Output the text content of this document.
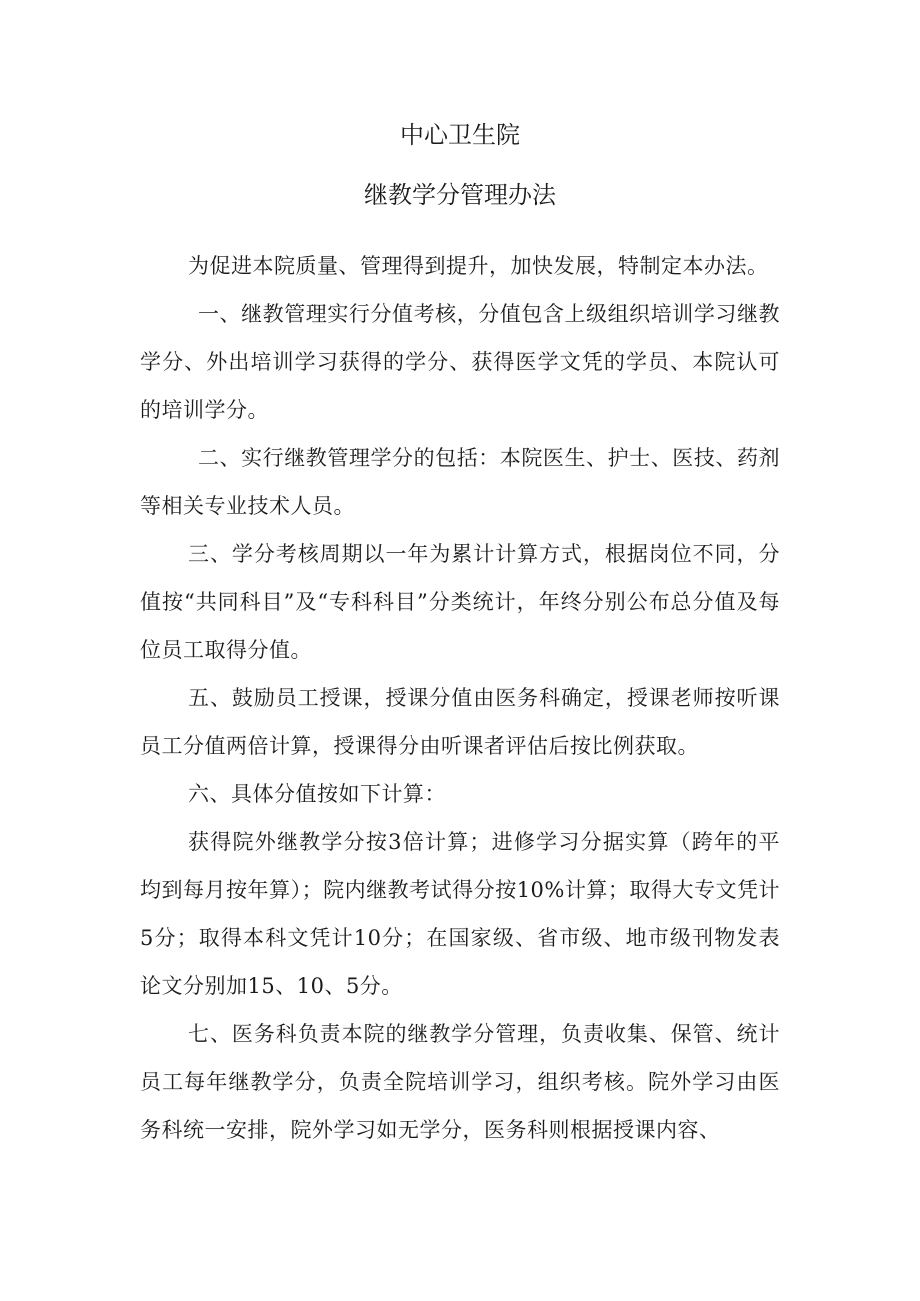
中心卫生院
继教学分管理办法

为促进本院质量、管理得到提升，加快发展，特制定本办法。

一、继教管理实行分值考核，分值包含上级组织培训学习继教学分、外出培训学习获得的学分、获得医学文凭的学员、本院认可的培训学分。

二、实行继教管理学分的包括：本院医生、护士、医技、药剂等相关专业技术人员。

三、学分考核周期以一年为累计计算方式，根据岗位不同，分值按“共同科目”及“专科科目”分类统计，年终分别公布总分值及每位员工取得分值。

五、鼓励员工授课，授课分值由医务科确定，授课老师按听课员工分值两倍计算，授课得分由听课者评估后按比例获取。

六、具体分值按如下计算：

获得院外继教学分按3倍计算；进修学习分据实算（跨年的平均到每月按年算）；院内继教考试得分按10%计算；取得大专文凭计5分；取得本科文凭计10分；在国家级、省市级、地市级刊物发表论文分别加15、10、5分。

七、医务科负责本院的继教学分管理，负责收集、保管、统计员工每年继教学分，负责全院培训学习，组织考核。院外学习由医务科统一安排，院外学习如无学分，医务科则根据授课内容、
